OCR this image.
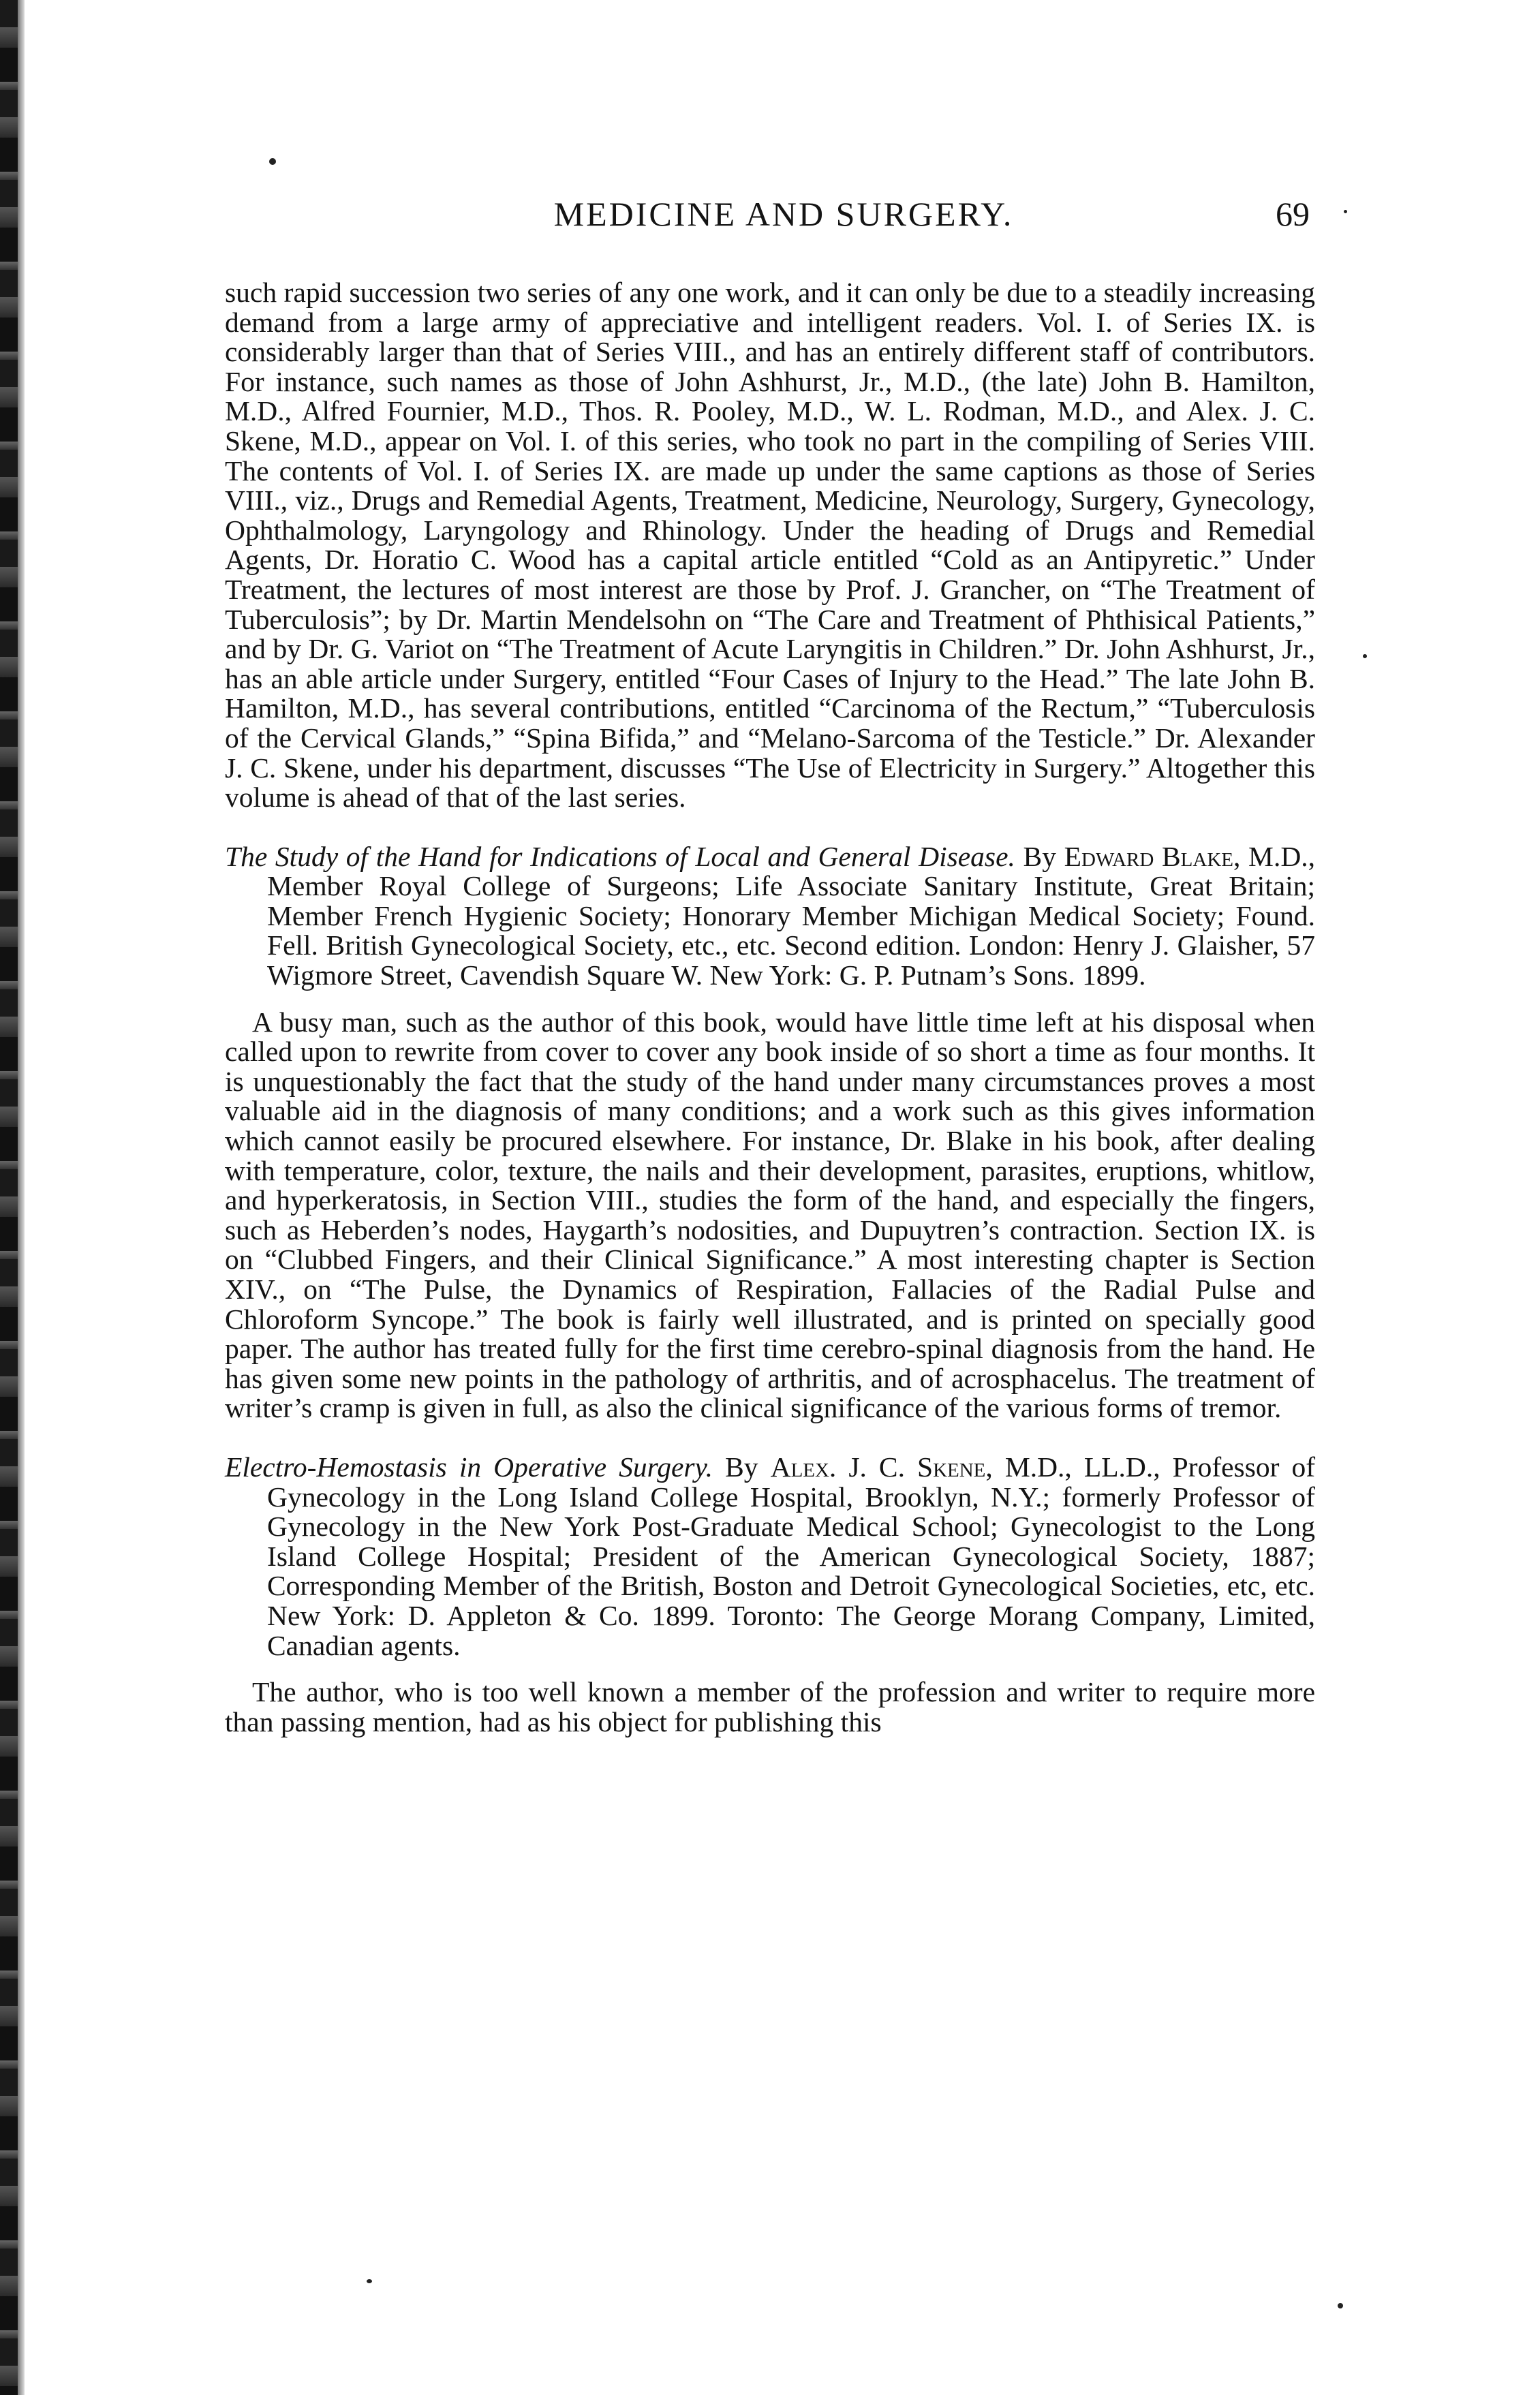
MEDICINE AND SURGERY.	69

such rapid succession two series of any one work, and it can only be due to a steadily increasing demand from a large army of appreciative and intelligent readers. Vol. I. of Series IX. is considerably larger than that of Series VIII., and has an entirely different staff of contributors. For instance, such names as those of John Ashhurst, Jr., M.D., (the late) John B. Hamilton, M.D., Alfred Fournier, M.D., Thos. R. Pooley, M.D., W. L. Rodman, M.D., and Alex. J. C. Skene, M.D., appear on Vol. I. of this series, who took no part in the compiling of Series VIII. The contents of Vol. I. of Series IX. are made up under the same captions as those of Series VIII., viz., Drugs and Remedial Agents, Treatment, Medicine, Neurology, Surgery, Gynecology, Ophthalmology, Laryngology and Rhinology. Under the heading of Drugs and Remedial Agents, Dr. Horatio C. Wood has a capital article entitled “Cold as an Antipyretic.” Under Treatment, the lectures of most interest are those by Prof. J. Grancher, on “The Treatment of Tuberculosis”; by Dr. Martin Mendelsohn on “The Care and Treatment of Phthisical Patients,” and by Dr. G. Variot on “The Treatment of Acute Laryngitis in Children.” Dr. John Ashhurst, Jr., has an able article under Surgery, entitled “Four Cases of Injury to the Head.” The late John B. Hamilton, M.D., has several contributions, entitled “Carcinoma of the Rectum,” “Tuberculosis of the Cervical Glands,” “Spina Bifida,” and “Melano-Sarcoma of the Testicle.” Dr. Alexander J. C. Skene, under his department, discusses “The Use of Electricity in Surgery.” Altogether this volume is ahead of that of the last series.

The Study of the Hand for Indications of Local and General Disease. By Edward Blake, M.D., Member Royal College of Surgeons; Life Associate Sanitary Institute, Great Britain; Member French Hygienic Society; Honorary Member Michigan Medical Society; Found. Fell. British Gynecological Society, etc., etc. Second edition. London: Henry J. Glaisher, 57 Wigmore Street, Cavendish Square W. New York: G. P. Putnam’s Sons. 1899.

A busy man, such as the author of this book, would have little time left at his disposal when called upon to rewrite from cover to cover any book inside of so short a time as four months. It is unquestionably the fact that the study of the hand under many circumstances proves a most valuable aid in the diagnosis of many conditions; and a work such as this gives information which cannot easily be procured elsewhere. For instance, Dr. Blake in his book, after dealing with temperature, color, texture, the nails and their development, parasites, eruptions, whitlow, and hyperkeratosis, in Section VIII., studies the form of the hand, and especially the fingers, such as Heberden’s nodes, Haygarth’s nodosities, and Dupuytren’s contraction. Section IX. is on “Clubbed Fingers, and their Clinical Significance.” A most interesting chapter is Section XIV., on “The Pulse, the Dynamics of Respiration, Fallacies of the Radial Pulse and Chloroform Syncope.” The book is fairly well illustrated, and is printed on specially good paper. The author has treated fully for the first time cerebro-spinal diagnosis from the hand. He has given some new points in the pathology of arthritis, and of acrosphacelus. The treatment of writer’s cramp is given in full, as also the clinical significance of the various forms of tremor.

Electro-Hemostasis in Operative Surgery. By Alex. J. C. Skene, M.D., LL.D., Professor of Gynecology in the Long Island College Hospital, Brooklyn, N.Y.; formerly Professor of Gynecology in the New York Post-Graduate Medical School; Gynecologist to the Long Island College Hospital; President of the American Gynecological Society, 1887; Corresponding Member of the British, Boston and Detroit Gynecological Societies, etc, etc. New York: D. Appleton & Co. 1899. Toronto: The George Morang Company, Limited, Canadian agents.

The author, who is too well known a member of the profession and writer to require more than passing mention, had as his object for publishing this
